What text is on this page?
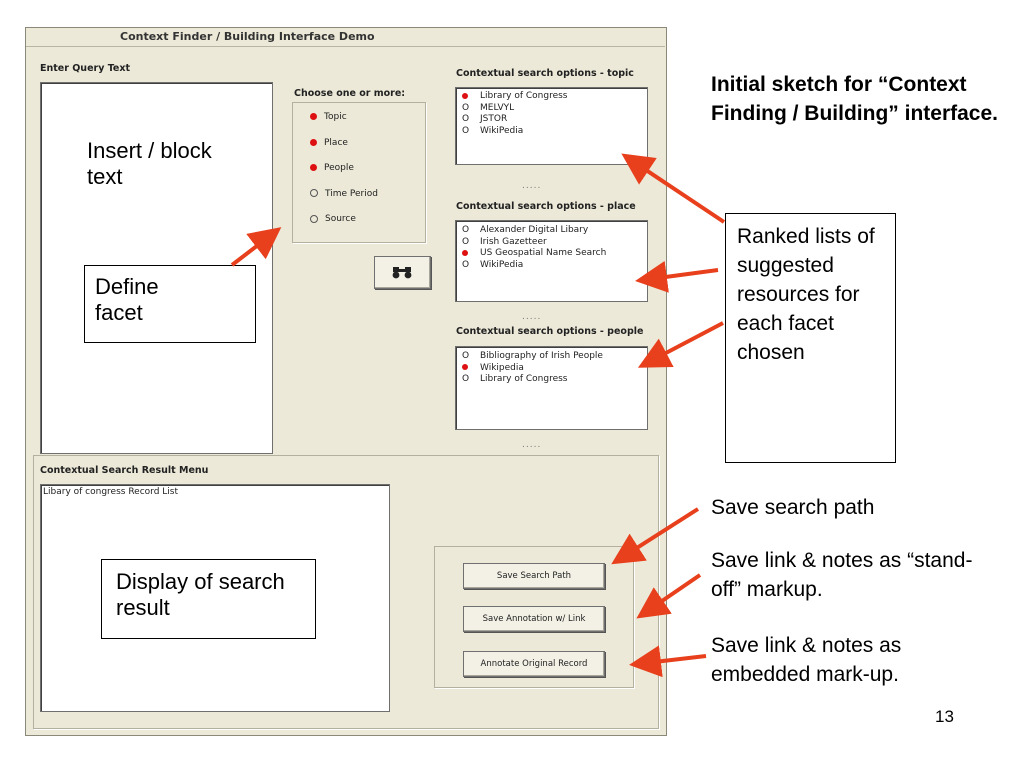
Context Finder / Building Interface Demo
Enter Query Text
Insert / block text
Choose one or more:
Topic
Place
People
Time Period
Source
Contextual search options - topic
Library of Congress
O MELVYL
O JSTOR
O WikiPedia
.....
Contextual search options - place
O Alexander Digital Libary
O Irish Gazetteer
US Geospatial Name Search
O WikiPedia
.....
Contextual search options - people
O Bibliography of Irish People
Wikipedia
O Library of Congress
.....
Contextual Search Result Menu
Libary of congress Record List
Save Search Path
Save Annotation w/ Link
Annotate Original Record
Define facet
Display of search result
Ranked lists of suggested resources for each facet chosen
Initial sketch for “Context Finding / Building” interface.
Save search path
Save link & notes as “stand-off” markup.
Save link & notes as embedded mark-up.
13
